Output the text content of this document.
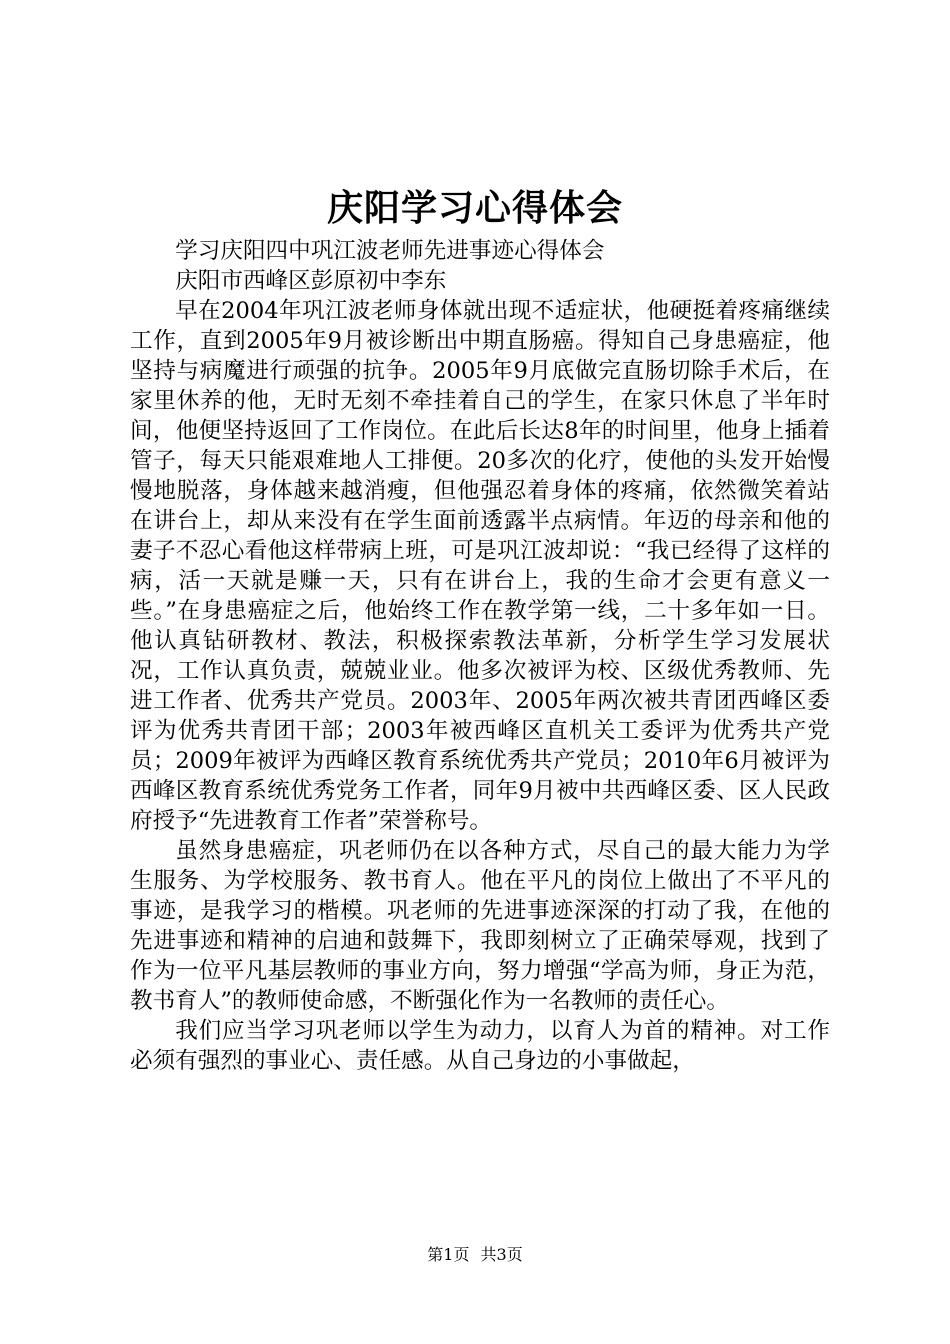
庆阳学习心得体会

学习庆阳四中巩江波老师先进事迹心得体会

庆阳市西峰区彭原初中李东

早在2004年巩江波老师身体就出现不适症状，他硬挺着疼痛继续工作，直到2005年9月被诊断出中期直肠癌。得知自己身患癌症，他坚持与病魔进行顽强的抗争。2005年9月底做完直肠切除手术后，在家里休养的他，无时无刻不牵挂着自己的学生，在家只休息了半年时间，他便坚持返回了工作岗位。在此后长达8年的时间里，他身上插着管子，每天只能艰难地人工排便。20多次的化疗，使他的头发开始慢慢地脱落，身体越来越消瘦，但他强忍着身体的疼痛，依然微笑着站在讲台上，却从来没有在学生面前透露半点病情。年迈的母亲和他的妻子不忍心看他这样带病上班，可是巩江波却说：“我已经得了这样的病，活一天就是赚一天，只有在讲台上，我的生命才会更有意义一些。”在身患癌症之后，他始终工作在教学第一线，二十多年如一日。他认真钻研教材、教法，积极探索教法革新，分析学生学习发展状况，工作认真负责，兢兢业业。他多次被评为校、区级优秀教师、先进工作者、优秀共产党员。2003年、2005年两次被共青团西峰区委评为优秀共青团干部；2003年被西峰区直机关工委评为优秀共产党员；2009年被评为西峰区教育系统优秀共产党员；2010年6月被评为西峰区教育系统优秀党务工作者，同年9月被中共西峰区委、区人民政府授予“先进教育工作者”荣誉称号。

虽然身患癌症，巩老师仍在以各种方式，尽自己的最大能力为学生服务、为学校服务、教书育人。他在平凡的岗位上做出了不平凡的事迹，是我学习的楷模。巩老师的先进事迹深深的打动了我，在他的先进事迹和精神的启迪和鼓舞下，我即刻树立了正确荣辱观，找到了作为一位平凡基层教师的事业方向，努力增强“学高为师，身正为范，教书育人”的教师使命感，不断强化作为一名教师的责任心。

我们应当学习巩老师以学生为动力，以育人为首的精神。对工作必须有强烈的事业心、责任感。从自己身边的小事做起，

第1页 共3页
